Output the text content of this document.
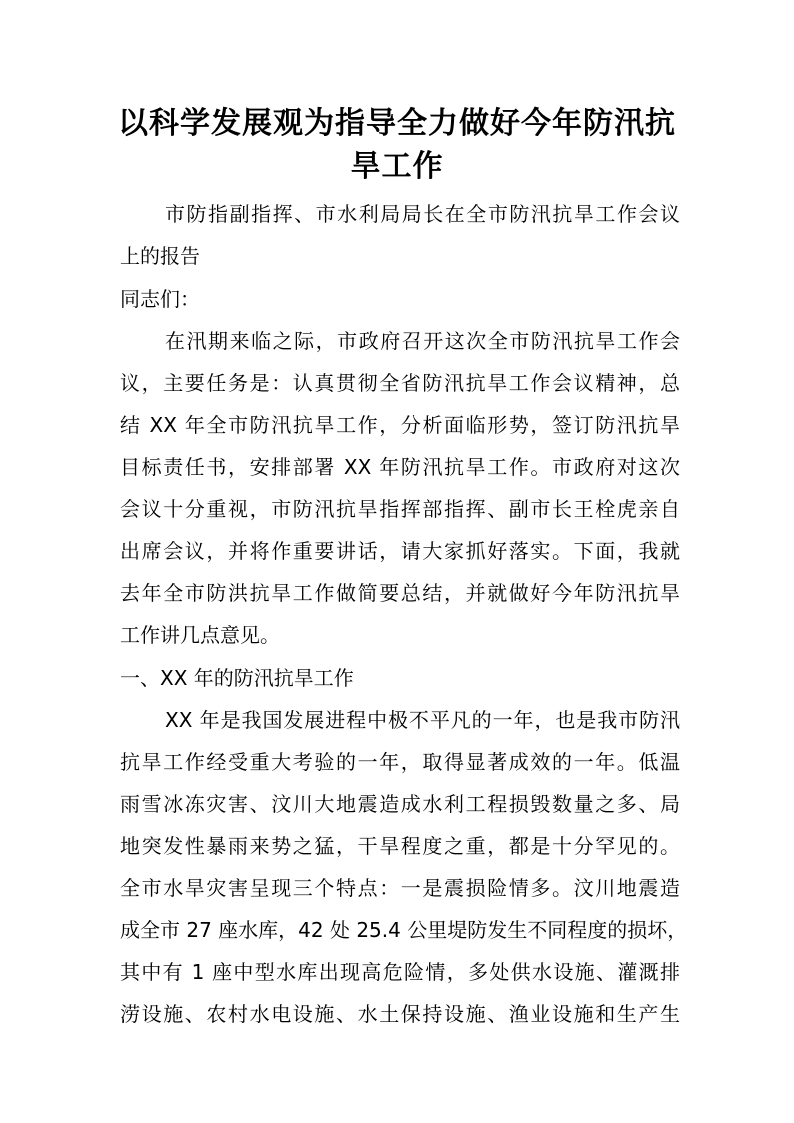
以科学发展观为指导全力做好今年防汛抗
旱工作
市防指副指挥、市水利局局长在全市防汛抗旱工作会议
上的报告
同志们：
在汛期来临之际，市政府召开这次全市防汛抗旱工作会
议，主要任务是：认真贯彻全省防汛抗旱工作会议精神，总
结 XX 年全市防汛抗旱工作，分析面临形势，签订防汛抗旱
目标责任书，安排部署 XX 年防汛抗旱工作。市政府对这次
会议十分重视，市防汛抗旱指挥部指挥、副市长王栓虎亲自
出席会议，并将作重要讲话，请大家抓好落实。下面，我就
去年全市防洪抗旱工作做简要总结，并就做好今年防汛抗旱
工作讲几点意见。
一、XX 年的防汛抗旱工作
XX 年是我国发展进程中极不平凡的一年，也是我市防汛
抗旱工作经受重大考验的一年，取得显著成效的一年。低温
雨雪冰冻灾害、汶川大地震造成水利工程损毁数量之多、局
地突发性暴雨来势之猛，干旱程度之重，都是十分罕见的。
全市水旱灾害呈现三个特点：一是震损险情多。汶川地震造
成全市 27 座水库，42 处 25.4 公里堤防发生不同程度的损坏，
其中有 1 座中型水库出现高危险情，多处供水设施、灌溉排
涝设施、农村水电设施、水土保持设施、渔业设施和生产生
